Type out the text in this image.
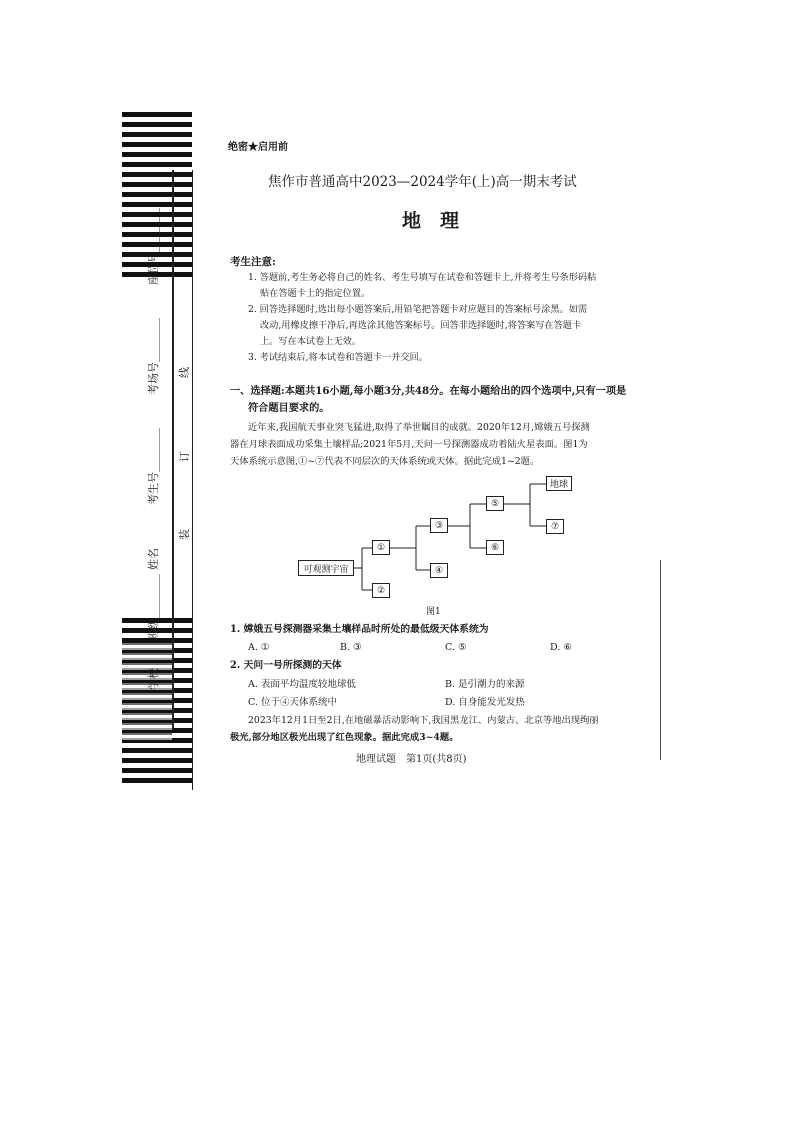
座位号________
考场号________
考生号________
姓名
班级________
学校
线
订
装
绝密★启用前
焦作市普通高中2023—2024学年(上)高一期末考试
地　理
考生注意:
1. 答题前,考生务必将自己的姓名、考生号填写在试卷和答题卡上,并将考生号条形码粘
贴在答题卡上的指定位置。
2. 回答选择题时,选出每小题答案后,用铅笔把答题卡对应题目的答案标号涂黑。如需
改动,用橡皮擦干净后,再选涂其他答案标号。回答非选择题时,将答案写在答题卡
上。写在本试卷上无效。
3. 考试结束后,将本试卷和答题卡一并交回。
一、选择题:本题共16小题,每小题3分,共48分。在每小题给出的四个选项中,只有一项是
符合题目要求的。
近年来,我国航天事业突飞猛进,取得了举世瞩目的成就。2020年12月,嫦娥五号探测
器在月球表面成功采集土壤样品;2021年5月,天问一号探测器成功着陆火星表面。图1为
天体系统示意图,①~⑦代表不同层次的天体系统或天体。据此完成1~2题。
可观测宇宙
①
②
③
④
⑤
⑥
地球
⑦
图1
1. 嫦娥五号探测器采集土壤样品时所处的最低级天体系统为
A. ①	B. ③	C. ⑤	D. ⑥
2. 天问一号所探测的天体
A. 表面平均温度较地球低	B. 是引潮力的来源
C. 位于④天体系统中	D. 自身能发光发热
2023年12月1日至2日,在地磁暴活动影响下,我国黑龙江、内蒙古、北京等地出现绚丽
极光,部分地区极光出现了红色现象。据此完成3~4题。
地理试题　第1页(共8页)
